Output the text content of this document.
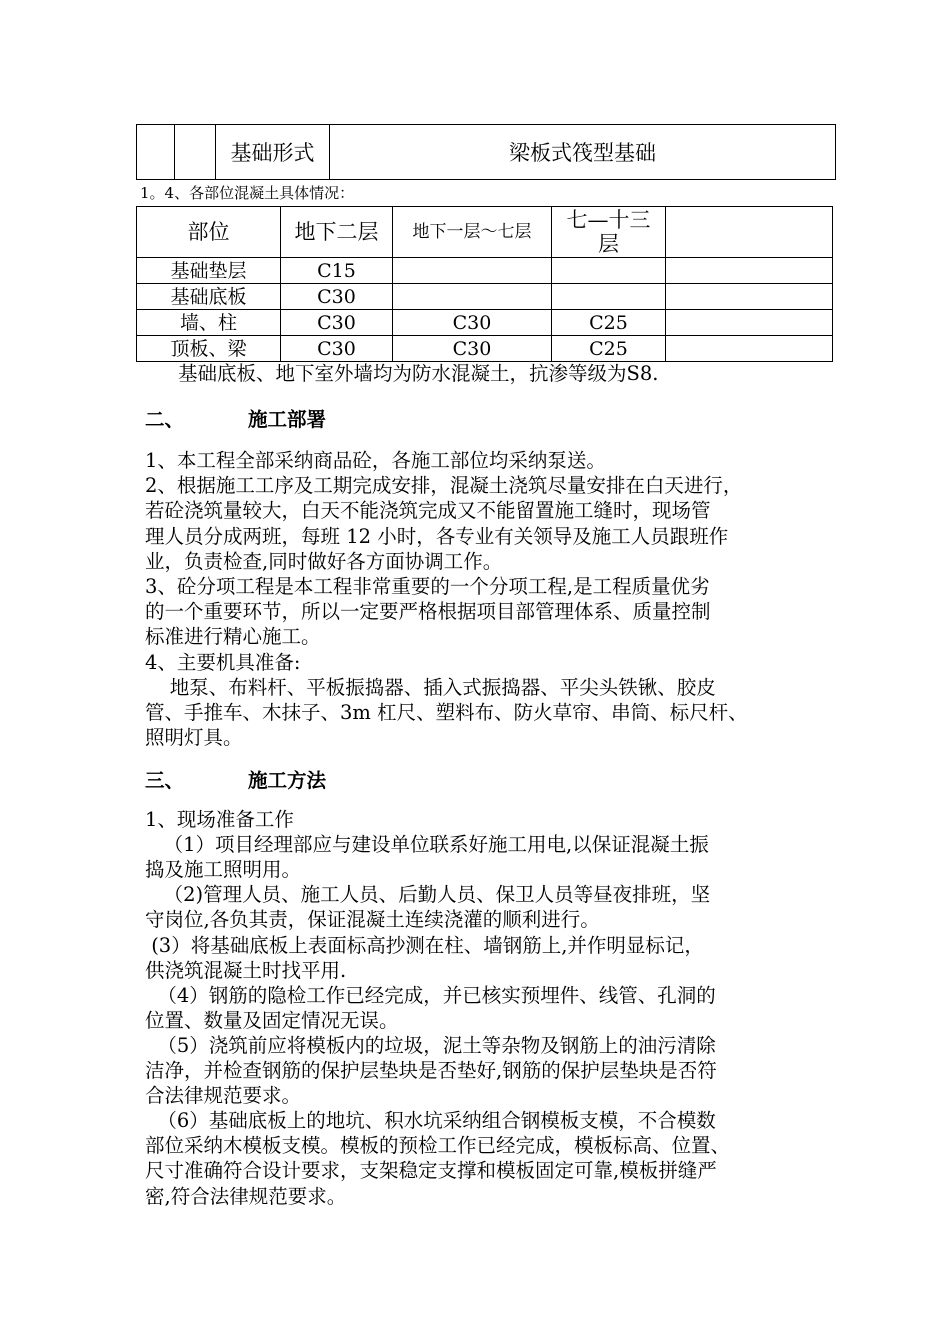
		基础形式	梁板式筏型基础
1。4、各部位混凝土具体情况：
部位	地下二层	地下一层～七层	七—十三层	
基础垫层	C15			
基础底板	C30			
墙、柱	C30	C30	C25	
顶板、梁	C30	C30	C25	
基础底板、地下室外墙均为防水混凝土，抗渗等级为S8.
二、	施工部署
1、本工程全部采纳商品砼，各施工部位均采纳泵送。
2、根据施工工序及工期完成安排，混凝土浇筑尽量安排在白天进行，
若砼浇筑量较大，白天不能浇筑完成又不能留置施工缝时，现场管
理人员分成两班，每班 12 小时，各专业有关领导及施工人员跟班作
业，负责检查,同时做好各方面协调工作。
3、砼分项工程是本工程非常重要的一个分项工程,是工程质量优劣
的一个重要环节，所以一定要严格根据项目部管理体系、质量控制
标准进行精心施工。
4、主要机具准备:
地泵、布料杆、平板振捣器、插入式振捣器、平尖头铁锹、胶皮
管、手推车、木抹子、3m 杠尺、塑料布、防火草帘、串筒、标尺杆、
照明灯具。
三、	施工方法
1、现场准备工作
（1）项目经理部应与建设单位联系好施工用电,以保证混凝土振
捣及施工照明用。
（2)管理人员、施工人员、后勤人员、保卫人员等昼夜排班，坚
守岗位,各负其责，保证混凝土连续浇灌的顺利进行。
(3）将基础底板上表面标高抄测在柱、墙钢筋上,并作明显标记，
供浇筑混凝土时找平用.
（4）钢筋的隐检工作已经完成，并已核实预埋件、线管、孔洞的
位置、数量及固定情况无误。
（5）浇筑前应将模板内的垃圾，泥土等杂物及钢筋上的油污清除
洁净，并检查钢筋的保护层垫块是否垫好,钢筋的保护层垫块是否符
合法律规范要求。
（6）基础底板上的地坑、积水坑采纳组合钢模板支模，不合模数
部位采纳木模板支模。模板的预检工作已经完成，模板标高、位置、
尺寸准确符合设计要求，支架稳定支撑和模板固定可靠,模板拼缝严
密,符合法律规范要求。
